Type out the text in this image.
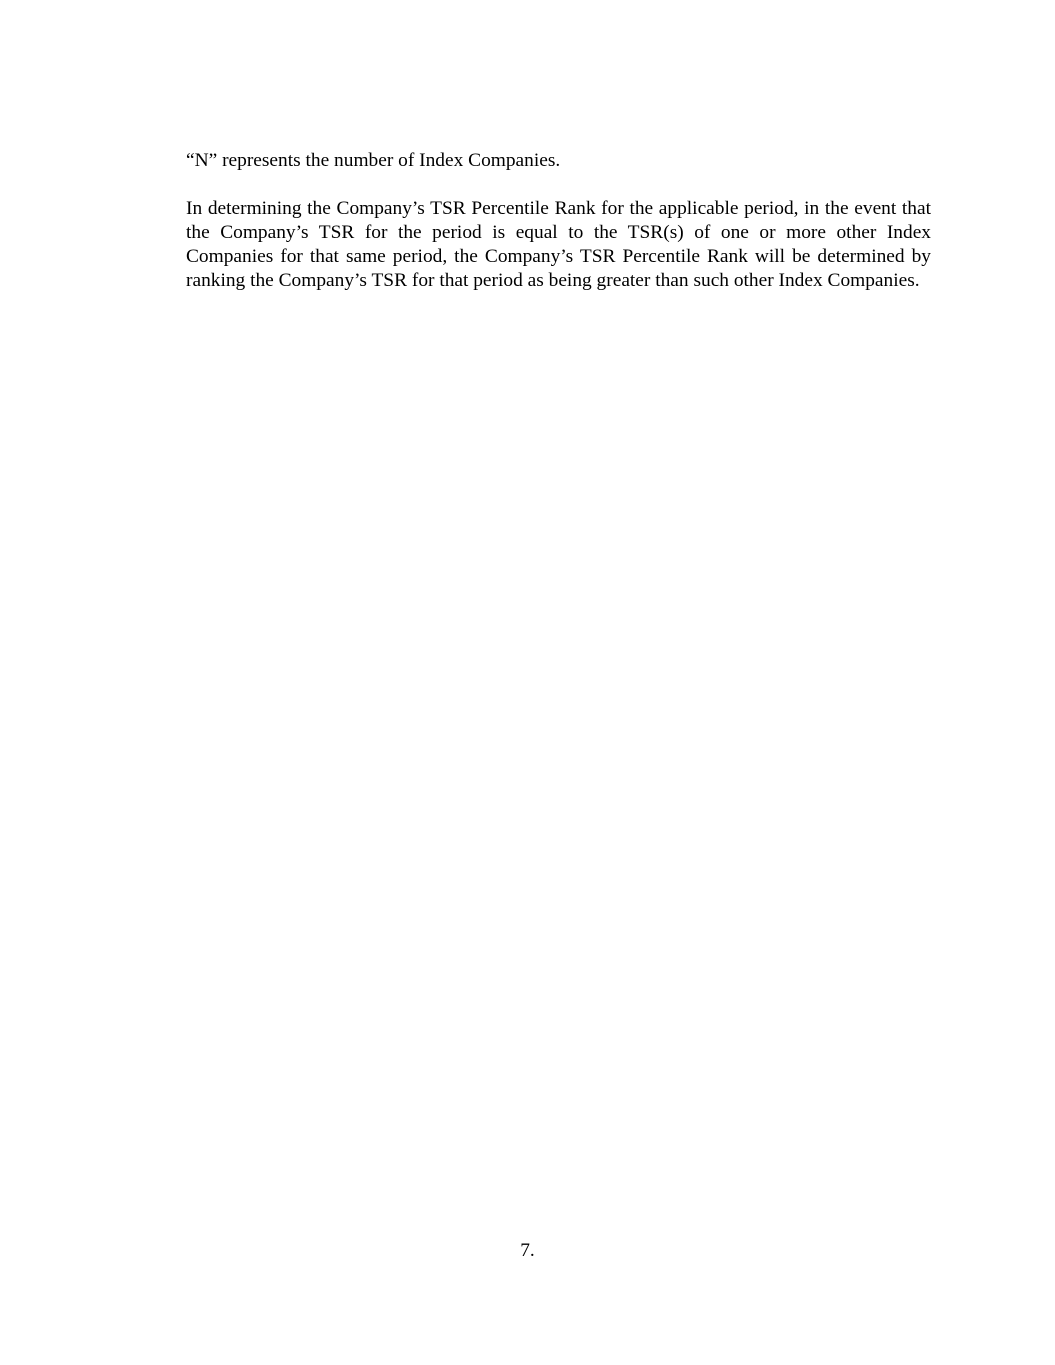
“N” represents the number of Index Companies.

In determining the Company’s TSR Percentile Rank for the applicable period, in the event that the Company’s TSR for the period is equal to the TSR(s) of one or more other Index Companies for that same period, the Company’s TSR Percentile Rank will be determined by ranking the Company’s TSR for that period as being greater than such other Index Companies.

7.
